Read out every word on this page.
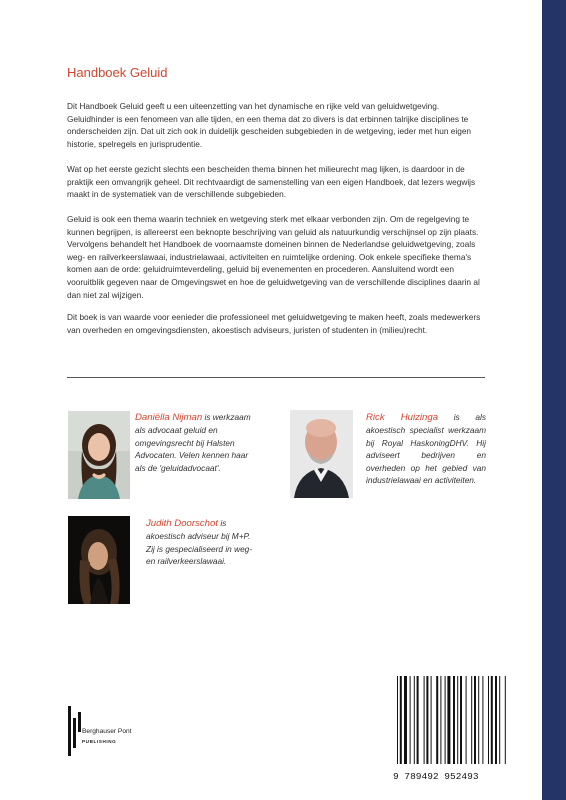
Handboek Geluid

Dit Handboek Geluid geeft u een uiteenzetting van het dynamische en rijke veld van geluidwetgeving. Geluidhinder is een fenomeen van alle tijden, en een thema dat zo divers is dat erbinnen talrijke disciplines te onderscheiden zijn. Dat uit zich ook in duidelijk gescheiden subgebieden in de wetgeving, ieder met hun eigen historie, spelregels en jurisprudentie.

Wat op het eerste gezicht slechts een bescheiden thema binnen het milieurecht mag lijken, is daardoor in de praktijk een omvangrijk geheel. Dit rechtvaardigt de samenstelling van een eigen Handboek, dat lezers wegwijs maakt in de systematiek van de verschillende subgebieden.

Geluid is ook een thema waarin techniek en wetgeving sterk met elkaar verbonden zijn. Om de regelgeving te kunnen begrijpen, is allereerst een beknopte beschrijving van geluid als natuurkundig verschijnsel op zijn plaats. Vervolgens behandelt het Handboek de voornaamste domeinen binnen de Nederlandse geluidwetgeving, zoals weg- en railverkeerslawaai, industrielawaai, activiteiten en ruimtelijke ordening. Ook enkele specifieke thema's komen aan de orde: geluidruimteverdeling, geluid bij evenementen en procederen. Aansluitend wordt een vooruitblik gegeven naar de Omgevingswet en hoe de geluidwetgeving van de verschillende disciplines daarin al dan niet zal wijzigen.

Dit boek is van waarde voor eenieder die professioneel met geluidwetgeving te maken heeft, zoals medewerkers van overheden en omgevingsdiensten, akoestisch adviseurs, juristen of studenten in (milieu)recht.

Daniëlla Nijman is werkzaam als advocaat geluid en omgevingsrecht bij Halsten Advocaten. Velen kennen haar als de 'geluidadvocaat'.

Rick Huizinga is als akoestisch specialist werkzaam bij Royal HaskoningDHV. Hij adviseert bedrijven en overheden op het gebied van industrielawaai en activiteiten.

Judith Doorschot is akoestisch adviseur bij M+P. Zij is gespecialiseerd in weg- en railverkeerslawaai.

Berghauser Pont
PUBLISHING
9 789492 952493
